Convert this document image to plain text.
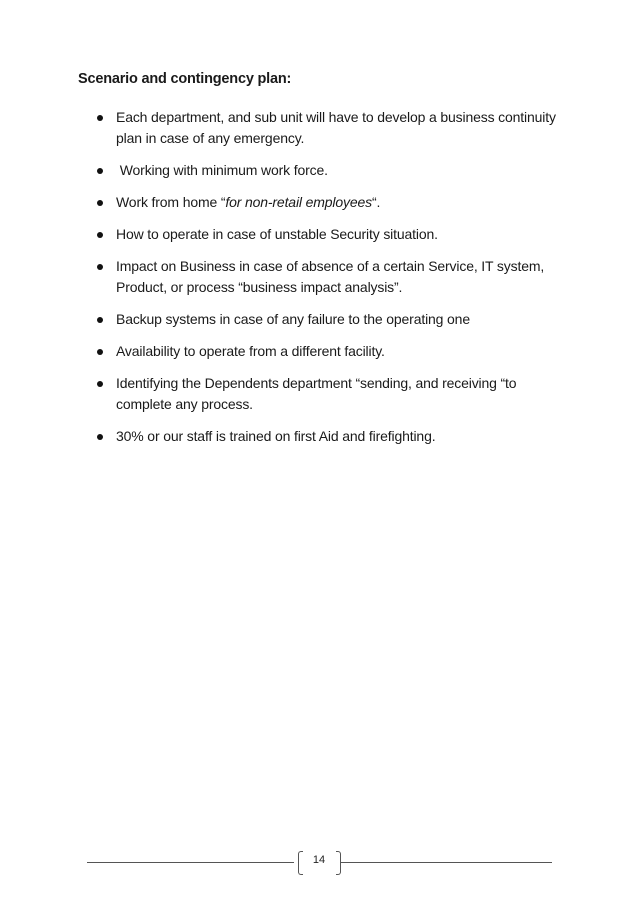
Scenario and contingency plan:
Each department, and sub unit will have to develop a business continuity plan in case of any emergency.
Working with minimum work force.
Work from home “for non-retail employees“.
How to operate in case of unstable Security situation.
Impact on Business in case of absence of a certain Service, IT system, Product, or process “business impact analysis”.
Backup systems in case of any failure to the operating one
Availability to operate from a different facility.
Identifying the Dependents department “sending, and receiving “to complete any process.
30% or our staff is trained on first Aid and firefighting.
14
